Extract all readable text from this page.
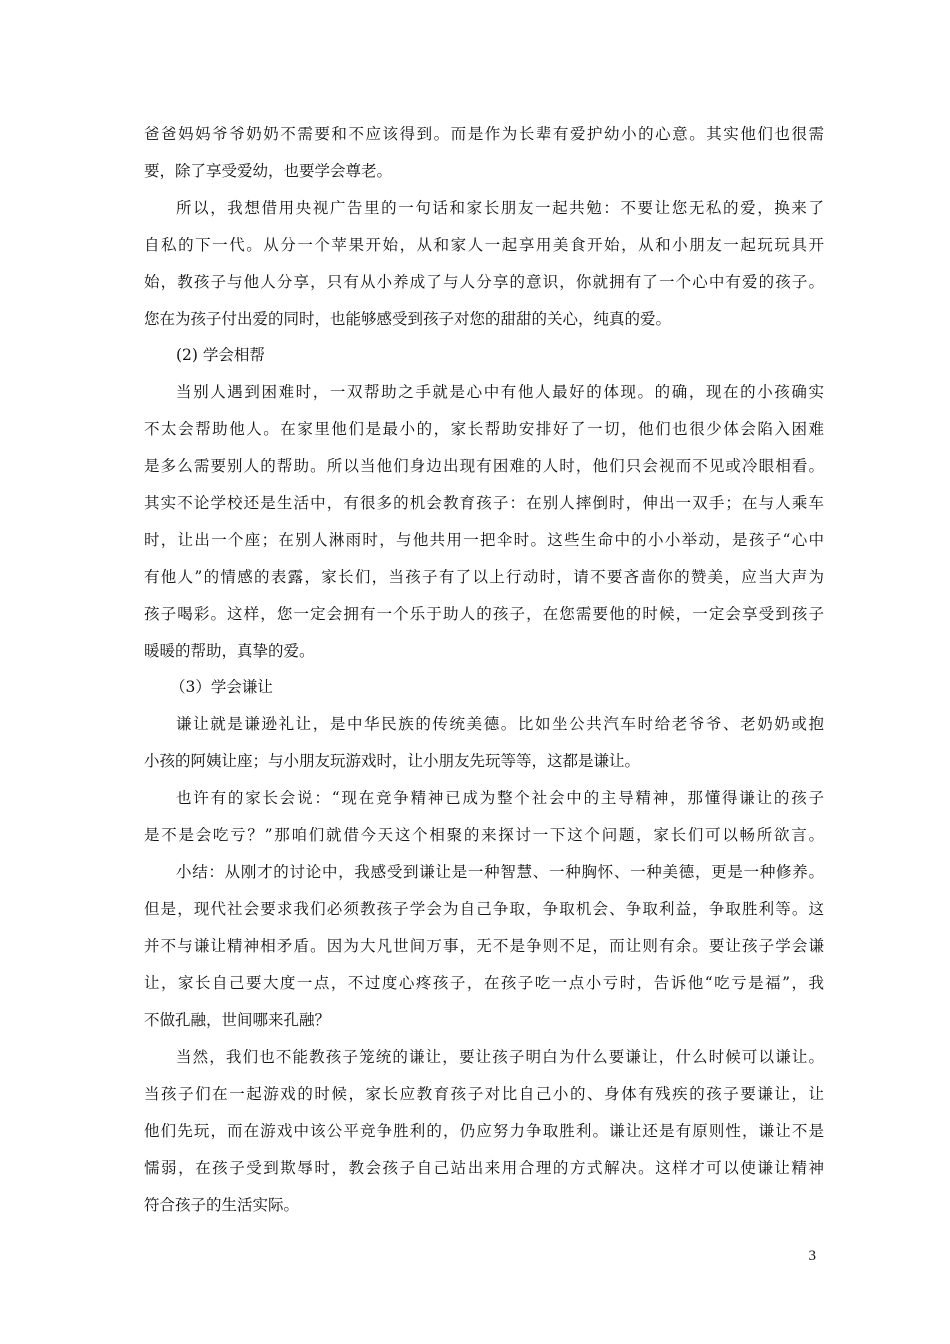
爸爸妈妈爷爷奶奶不需要和不应该得到。而是作为长辈有爱护幼小的心意。其实他们也很需
要，除了享受爱幼，也要学会尊老。
所以，我想借用央视广告里的一句话和家长朋友一起共勉：不要让您无私的爱，换来了
自私的下一代。从分一个苹果开始，从和家人一起享用美食开始，从和小朋友一起玩玩具开
始，教孩子与他人分享，只有从小养成了与人分享的意识，你就拥有了一个心中有爱的孩子。
您在为孩子付出爱的同时，也能够感受到孩子对您的甜甜的关心，纯真的爱。
(2) 学会相帮
当别人遇到困难时，一双帮助之手就是心中有他人最好的体现。的确，现在的小孩确实
不太会帮助他人。在家里他们是最小的，家长帮助安排好了一切，他们也很少体会陷入困难
是多么需要别人的帮助。所以当他们身边出现有困难的人时，他们只会视而不见或冷眼相看。
其实不论学校还是生活中，有很多的机会教育孩子：在别人摔倒时，伸出一双手；在与人乘车
时，让出一个座；在别人淋雨时，与他共用一把伞时。这些生命中的小小举动，是孩子“心中
有他人”的情感的表露，家长们，当孩子有了以上行动时，请不要吝啬你的赞美，应当大声为
孩子喝彩。这样，您一定会拥有一个乐于助人的孩子，在您需要他的时候，一定会享受到孩子
暖暖的帮助，真挚的爱。
（3）学会谦让
谦让就是谦逊礼让，是中华民族的传统美德。比如坐公共汽车时给老爷爷、老奶奶或抱
小孩的阿姨让座；与小朋友玩游戏时，让小朋友先玩等等，这都是谦让。
也许有的家长会说：“现在竞争精神已成为整个社会中的主导精神，那懂得谦让的孩子
是不是会吃亏？”那咱们就借今天这个相聚的来探讨一下这个问题，家长们可以畅所欲言。
小结：从刚才的讨论中，我感受到谦让是一种智慧、一种胸怀、一种美德，更是一种修养。
但是，现代社会要求我们必须教孩子学会为自己争取，争取机会、争取利益，争取胜利等。这
并不与谦让精神相矛盾。因为大凡世间万事，无不是争则不足，而让则有余。要让孩子学会谦
让，家长自己要大度一点，不过度心疼孩子，在孩子吃一点小亏时，告诉他“吃亏是福”，我
不做孔融，世间哪来孔融？
当然，我们也不能教孩子笼统的谦让，要让孩子明白为什么要谦让，什么时候可以谦让。
当孩子们在一起游戏的时候，家长应教育孩子对比自己小的、身体有残疾的孩子要谦让，让
他们先玩，而在游戏中该公平竞争胜利的，仍应努力争取胜利。谦让还是有原则性，谦让不是
懦弱，在孩子受到欺辱时，教会孩子自己站出来用合理的方式解决。这样才可以使谦让精神
符合孩子的生活实际。
3
